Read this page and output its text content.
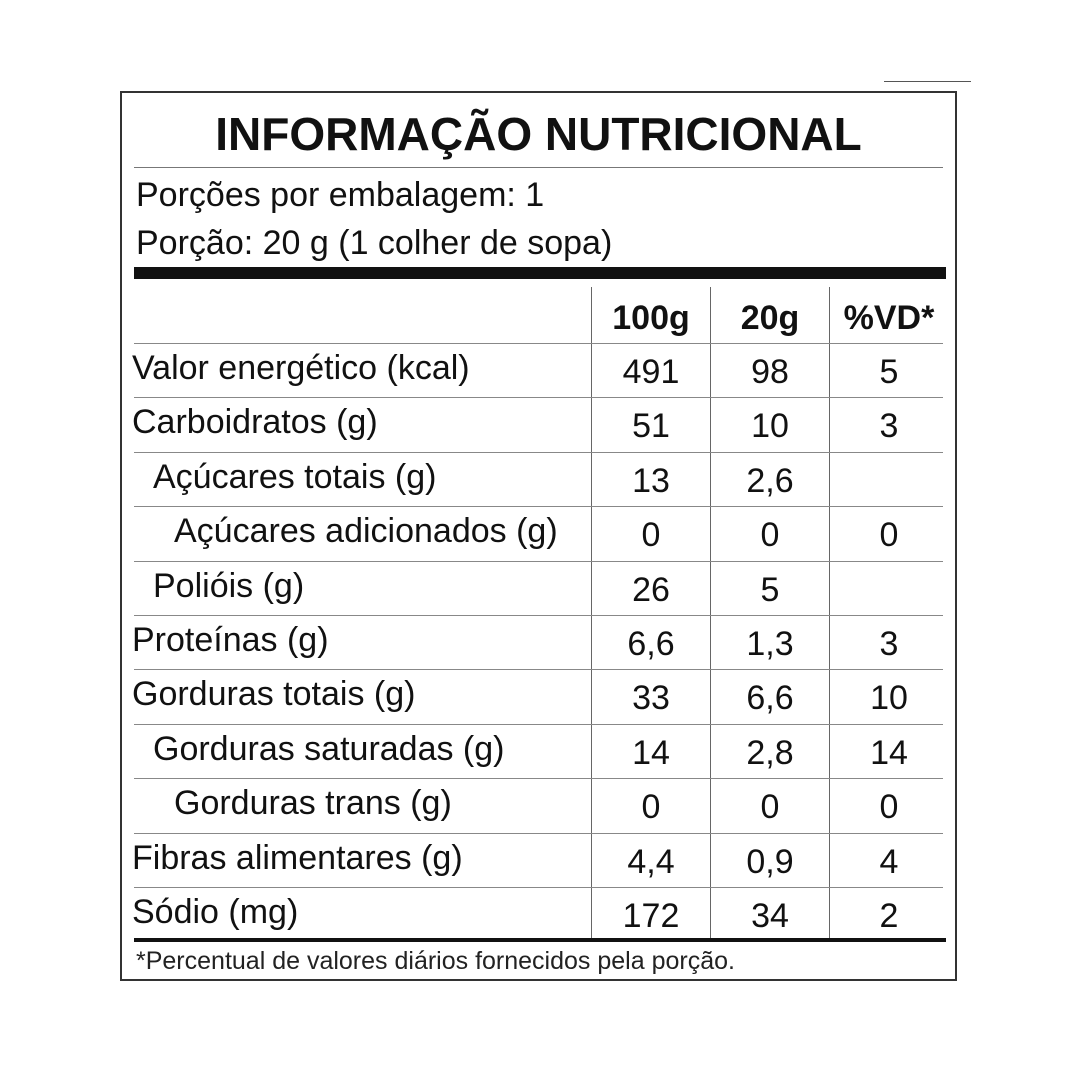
INFORMAÇÃO NUTRICIONAL
Porções por embalagem: 1
Porção: 20 g (1 colher de sopa)
100g	20g	%VD*
Valor energético (kcal)	491	98	5
Carboidratos (g)	51	10	3
Açúcares totais (g)	13	2,6
Açúcares adicionados (g)	0	0	0
Polióis (g)	26	5
Proteínas (g)	6,6	1,3	3
Gorduras totais (g)	33	6,6	10
Gorduras saturadas (g)	14	2,8	14
Gorduras trans (g)	0	0	0
Fibras alimentares (g)	4,4	0,9	4
Sódio (mg)	172	34	2
*Percentual de valores diários fornecidos pela porção.
